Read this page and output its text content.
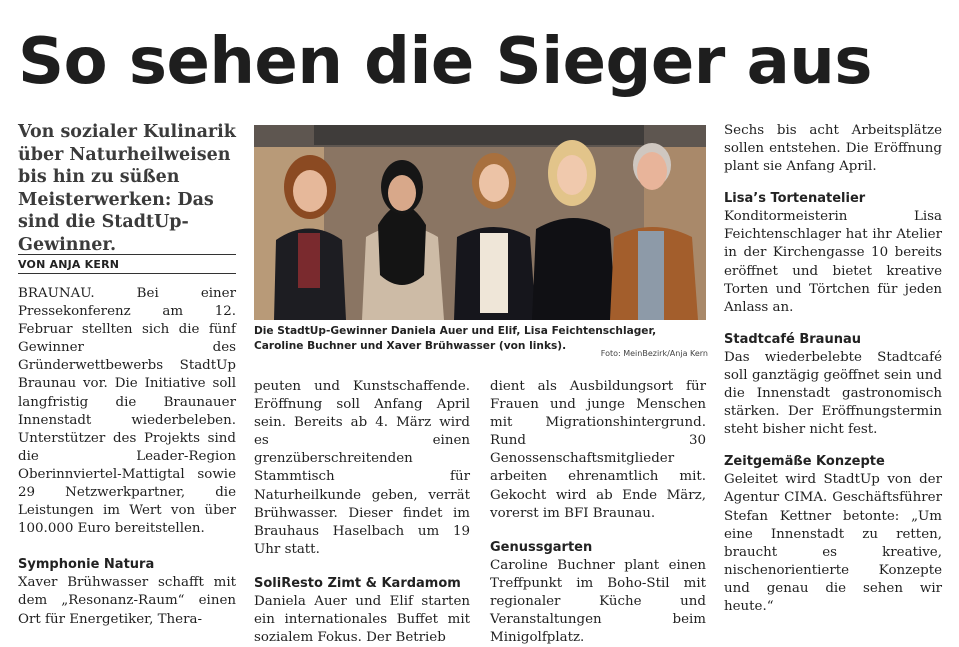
So sehen die Sieger aus
Von sozialer Kulinarik über Naturheilweisen bis hin zu süßen Meisterwerken: Das sind die StadtUp-Gewinner.
VON ANJA KERN

BRAUNAU. Bei einer Pressekonferenz am 12. Februar stellten sich die fünf Gewinner des Gründerwettbewerbs StadtUp Braunau vor. Die Initiative soll langfristig die Braunauer Innenstadt wiederbeleben. Unterstützer des Projekts sind die Leader-Region Oberinnviertel-Mattigtal sowie 29 Netzwerkpartner, die Leistungen im Wert von über 100.000 Euro bereitstellen.

Symphonie Natura

Xaver Brühwasser schafft mit dem „Resonanz-Raum“ einen Ort für Energetiker, Thera-

Die StadtUp-Gewinner Daniela Auer und Elif, Lisa Feichtenschlager, Caroline Buchner und Xaver Brühwasser (von links).
Foto: MeinBezirk/Anja Kern

peuten und Kunstschaffende. Eröffnung soll Anfang April sein. Bereits ab 4. März wird es einen grenzüberschreitenden Stammtisch für Naturheilkunde geben, verrät Brühwasser. Dieser findet im Brauhaus Haselbach um 19 Uhr statt.

SoliResto Zimt & Kardamom

Daniela Auer und Elif starten ein internationales Buffet mit sozialem Fokus. Der Betrieb

dient als Ausbildungsort für Frauen und junge Menschen mit Migrationshintergrund. Rund 30 Genossenschaftsmitglieder arbeiten ehrenamtlich mit. Gekocht wird ab Ende März, vorerst im BFI Braunau.

Genussgarten

Caroline Buchner plant einen Treffpunkt im Boho-Stil mit regionaler Küche und Veranstaltungen beim Minigolfplatz.

Sechs bis acht Arbeitsplätze sollen entstehen. Die Eröffnung plant sie Anfang April.

Lisa’s Tortenatelier

Konditormeisterin Lisa Feichtenschlager hat ihr Atelier in der Kirchengasse 10 bereits eröffnet und bietet kreative Torten und Törtchen für jeden Anlass an.

Stadtcafé Braunau

Das wiederbelebte Stadtcafé soll ganztägig geöffnet sein und die Innenstadt gastronomisch stärken. Der Eröffnungstermin steht bisher nicht fest.

Zeitgemäße Konzepte

Geleitet wird StadtUp von der Agentur CIMA. Geschäftsführer Stefan Kettner betonte: „Um eine Innenstadt zu retten, braucht es kreative, nischenorientierte Konzepte und genau die sehen wir heute.“
